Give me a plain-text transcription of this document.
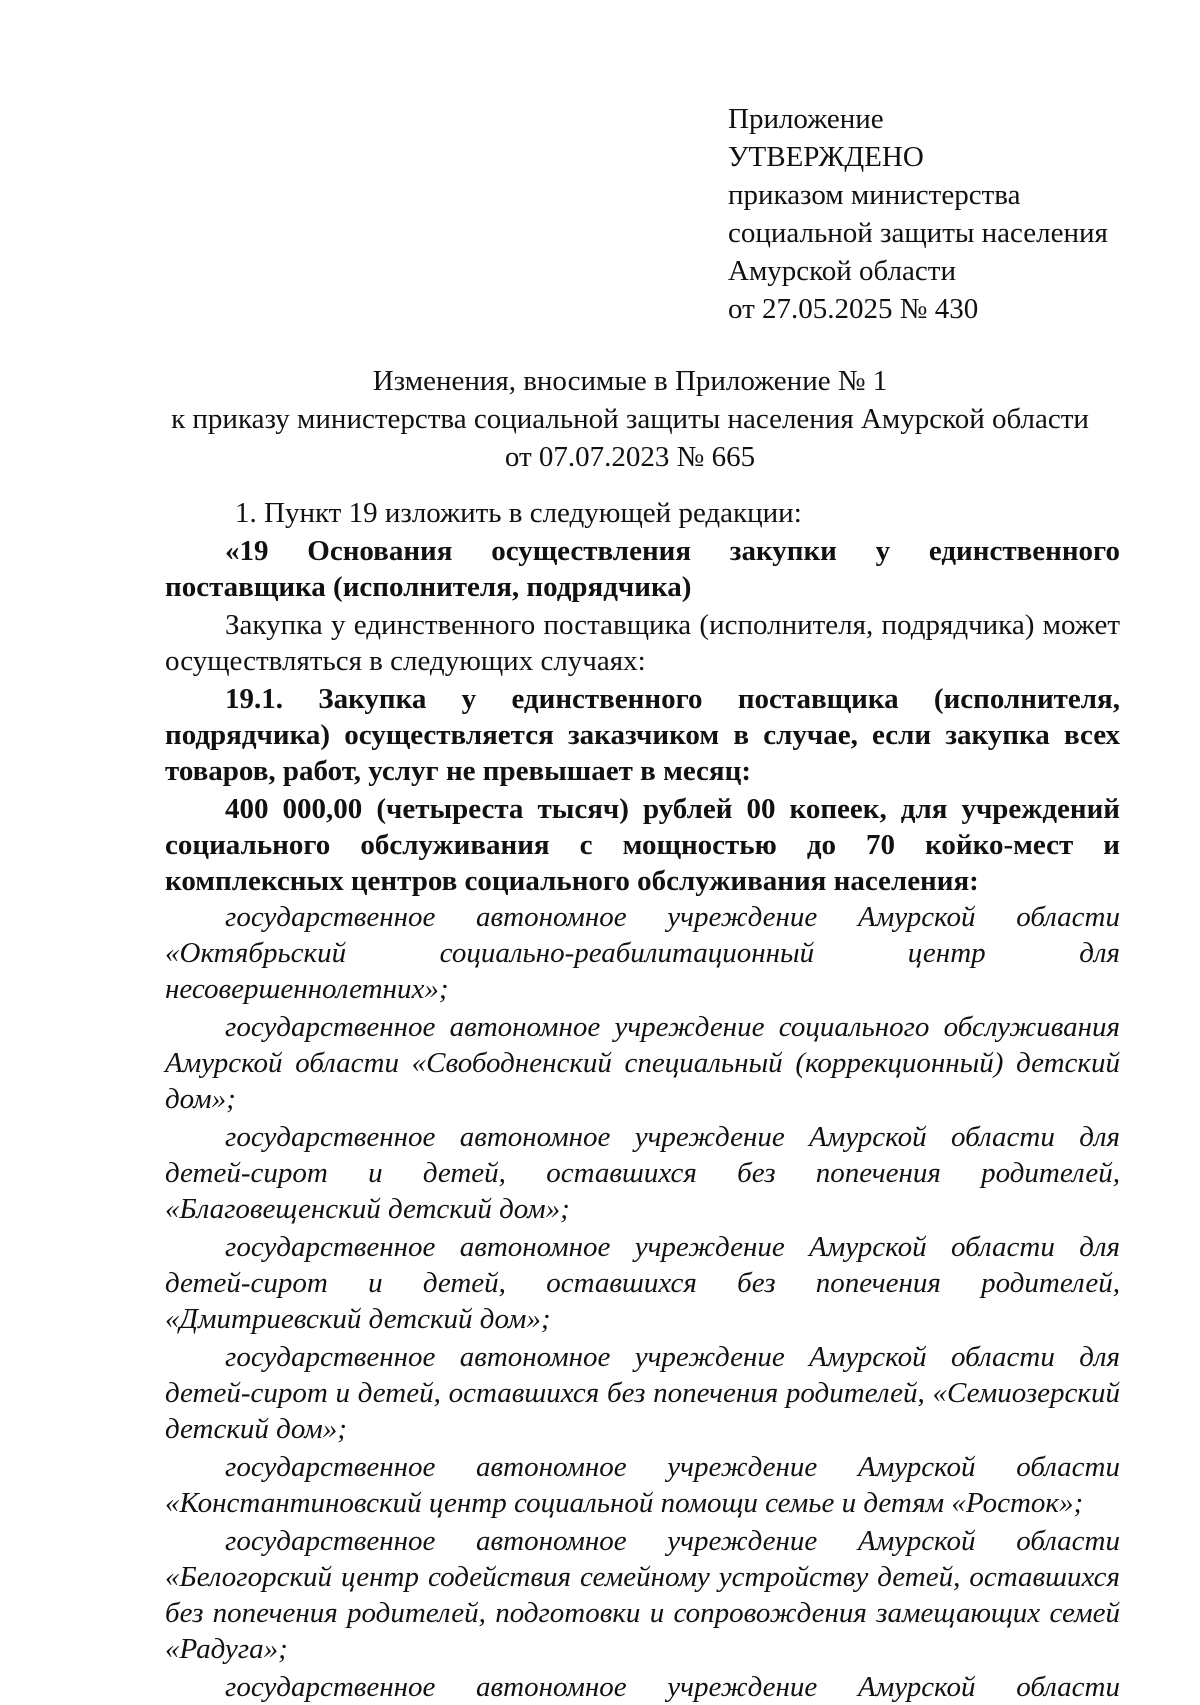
Приложение
УТВЕРЖДЕНО
приказом министерства
социальной защиты населения
Амурской области
от 27.05.2025 № 430
Изменения, вносимые в Приложение № 1
к приказу министерства социальной защиты населения Амурской области
от 07.07.2023 № 665

1. Пункт 19 изложить в следующей редакции:

«19 Основания осуществления закупки у единственного поставщика (исполнителя, подрядчика)

Закупка у единственного поставщика (исполнителя, подрядчика) может осуществляться в следующих случаях:

19.1. Закупка у единственного поставщика (исполнителя, подрядчика) осуществляется заказчиком в случае, если закупка всех товаров, работ, услуг не превышает в месяц:

400 000,00 (четыреста тысяч) рублей 00 копеек, для учреждений социального обслуживания с мощностью до 70 койко-мест и комплексных центров социального обслуживания населения:

государственное автономное учреждение Амурской области «Октябрьский социально-реабилитационный центр для несовершеннолетних»;

государственное автономное учреждение социального обслуживания Амурской области «Свободненский специальный (коррекционный) детский дом»;

государственное автономное учреждение Амурской области для детей-сирот и детей, оставшихся без попечения родителей, «Благовещенский детский дом»;

государственное автономное учреждение Амурской области для детей-сирот и детей, оставшихся без попечения родителей, «Дмитриевский детский дом»;

государственное автономное учреждение Амурской области для детей-сирот и детей, оставшихся без попечения родителей, «Семиозерский детский дом»;

государственное автономное учреждение Амурской области «Константиновский центр социальной помощи семье и детям «Росток»;

государственное автономное учреждение Амурской области «Белогорский центр содействия семейному устройству детей, оставшихся без попечения родителей, подготовки и сопровождения замещающих семей «Радуга»;

государственное автономное учреждение Амурской области
